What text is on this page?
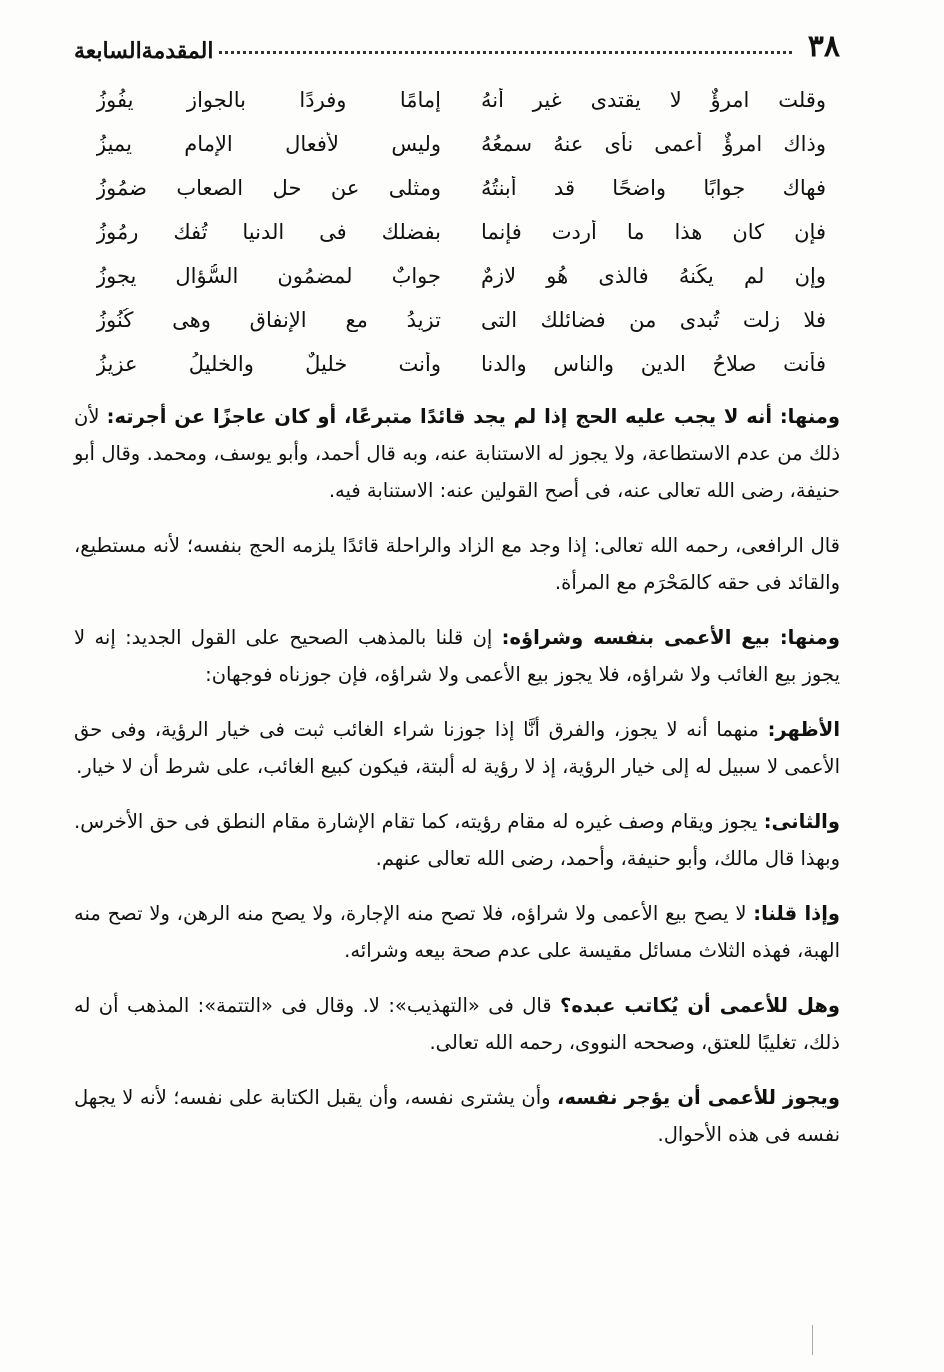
٣٨
المقدمةالسابعة
وقلت امرؤٌ لا يقتدى غير أنهُ
إمامًا وفردًا بالجواز يفُوزُ
وذاك امرؤٌ أعمى نأى عنهُ سمعُهُ
وليس لأفعال الإمام يميزُ
فهاك جوابًا واضحًا قد أبنتُهُ
ومثلى عن حل الصعاب ضمُوزُ
فإن كان هذا ما أردت فإنما
بفضلك فى الدنيا تُفك رمُوزُ
وإن لم يكُنهُ فالذى هُو لازمٌ
جوابٌ لمضمُون السُّؤال يجوزُ
فلا زلت تُبدى من فضائلك التى
تزيدُ مع الإنفاق وهى كُنُوزُ
فأنت صلاحُ الدين والناس والدنا
وأنت خليلٌ والخليلُ عزيزُ

ومنها: أنه لا يجب عليه الحج إذا لم يجد قائدًا متبرعًا، أو كان عاجزًا عن أجرته: لأن ذلك من عدم الاستطاعة، ولا يجوز له الاستنابة عنه، وبه قال أحمد، وأبو يوسف، ومحمد. وقال أبو حنيفة، رضى الله تعالى عنه، فى أصح القولين عنه: الاستنابة فيه.

قال الرافعى، رحمه الله تعالى: إذا وجد مع الزاد والراحلة قائدًا يلزمه الحج بنفسه؛ لأنه مستطيع، والقائد فى حقه كالمَحْرَم مع المرأة.

ومنها: بيع الأعمى بنفسه وشراؤه: إن قلنا بالمذهب الصحيح على القول الجديد: إنه لا يجوز بيع الغائب ولا شراؤه، فلا يجوز بيع الأعمى ولا شراؤه، فإن جوزناه فوجهان:

الأظهر: منهما أنه لا يجوز، والفرق أنَّا إذا جوزنا شراء الغائب ثبت فى خيار الرؤية، وفى حق الأعمى لا سبيل له إلى خيار الرؤية، إذ لا رؤية له ألبتة، فيكون كبيع الغائب، على شرط أن لا خيار.

والثانى: يجوز ويقام وصف غيره له مقام رؤيته، كما تقام الإشارة مقام النطق فى حق الأخرس. وبهذا قال مالك، وأبو حنيفة، وأحمد، رضى الله تعالى عنهم.

وإذا قلنا: لا يصح بيع الأعمى ولا شراؤه، فلا تصح منه الإجارة، ولا يصح منه الرهن، ولا تصح منه الهبة، فهذه الثلاث مسائل مقيسة على عدم صحة بيعه وشرائه.

وهل للأعمى أن يُكاتب عبده؟ قال فى «التهذيب»: لا. وقال فى «التتمة»: المذهب أن له ذلك، تغليبًا للعتق، وصححه النووى، رحمه الله تعالى.

ويجوز للأعمى أن يؤجر نفسه، وأن يشترى نفسه، وأن يقبل الكتابة على نفسه؛ لأنه لا يجهل نفسه فى هذه الأحوال.
